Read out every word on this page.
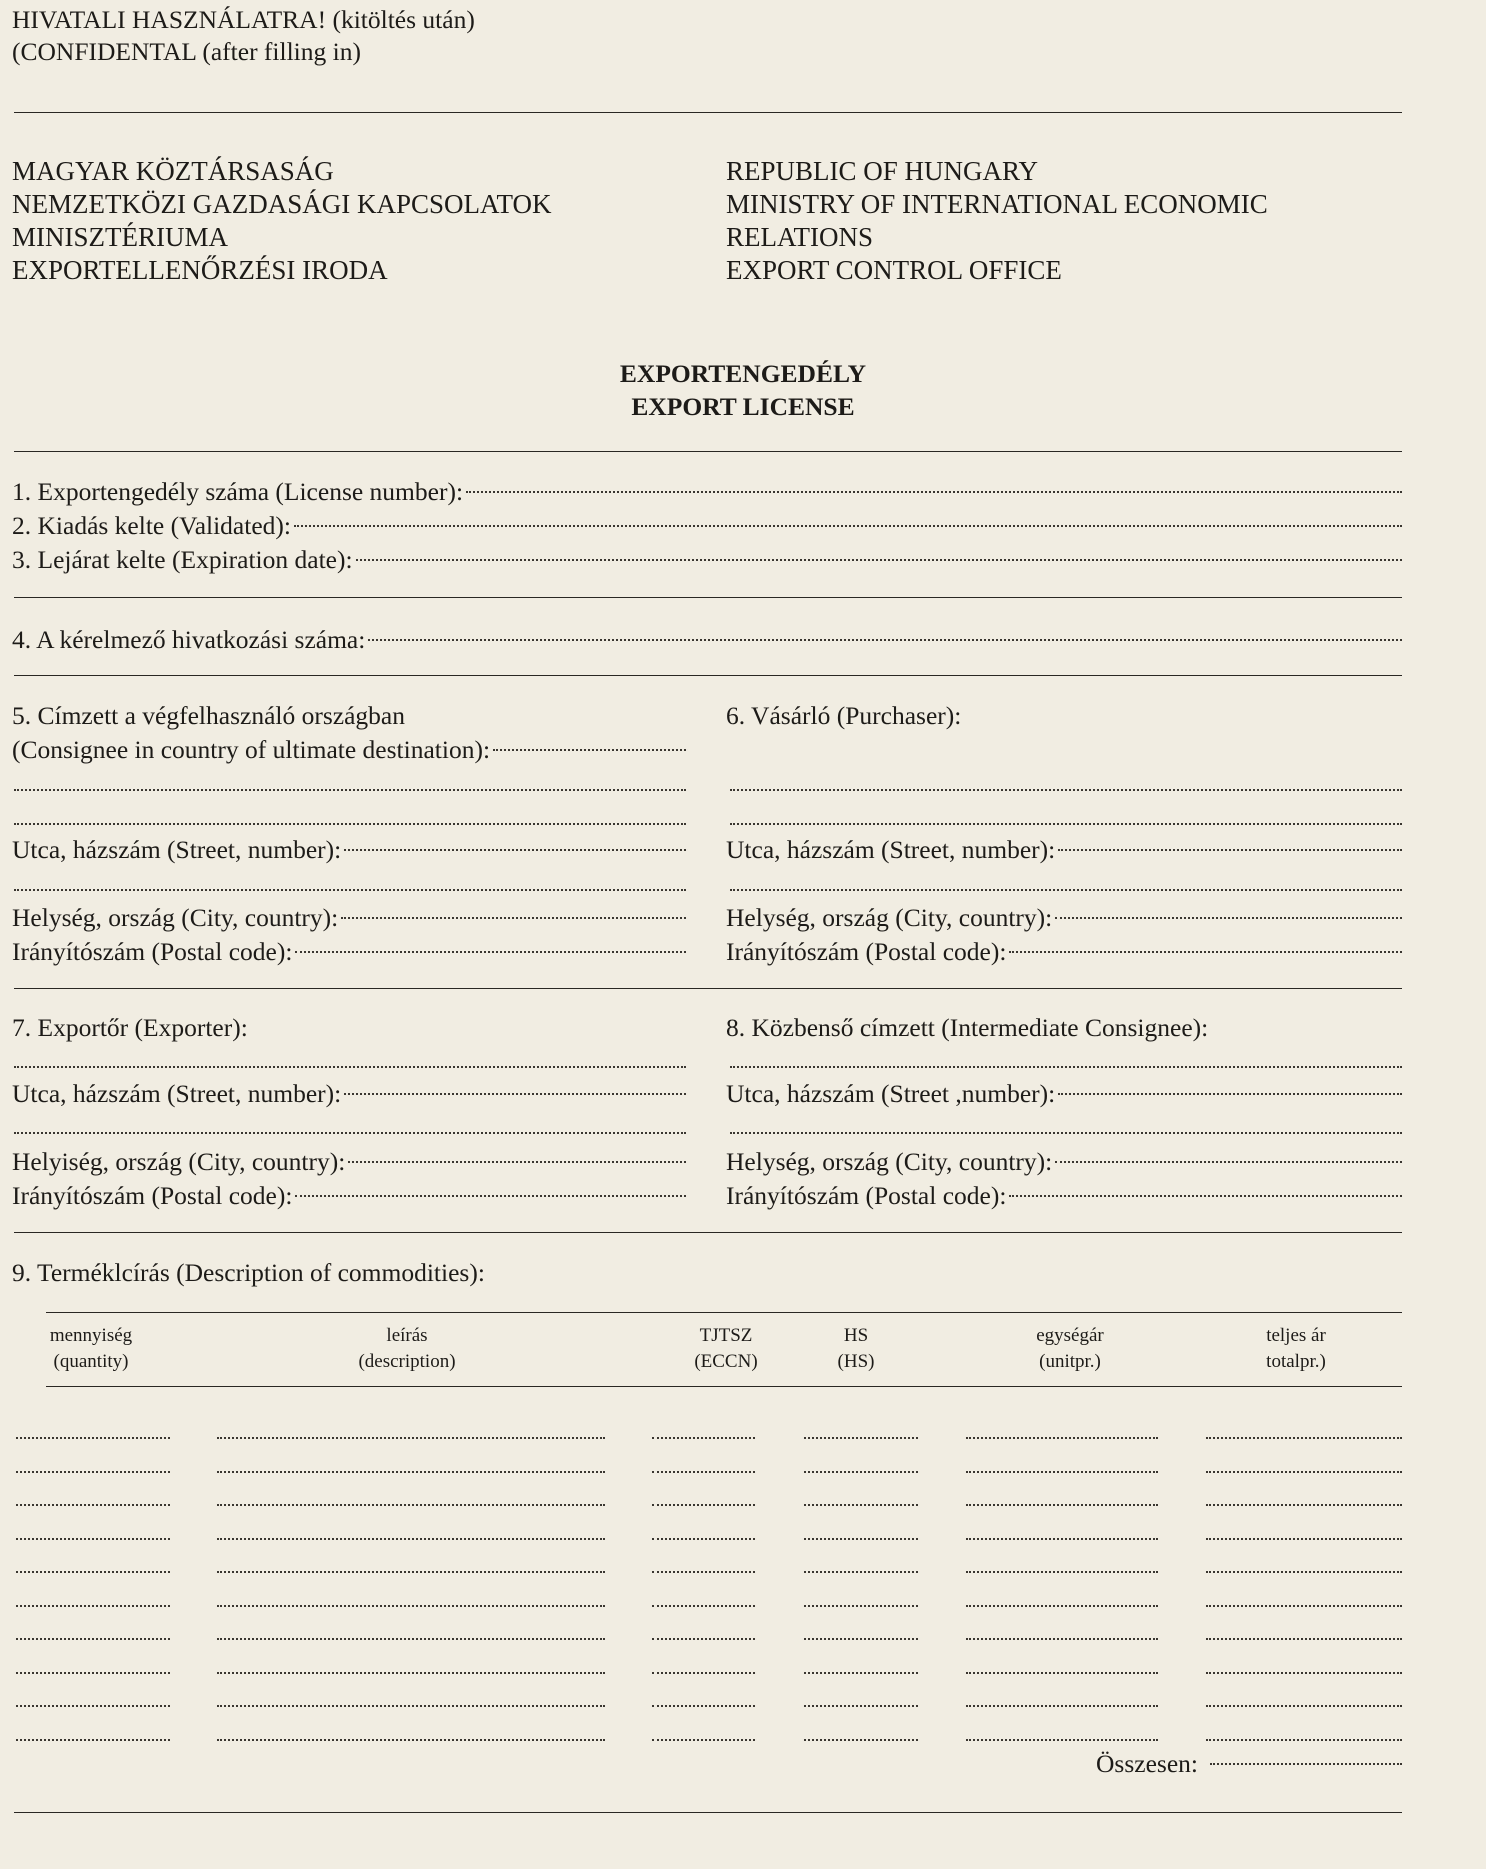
HIVATALI HASZNÁLATRA! (kitöltés után)
(CONFIDENTAL (after filling in)
MAGYAR KÖZTÁRSASÁG
NEMZETKÖZI GAZDASÁGI KAPCSOLATOK
MINISZTÉRIUMA
EXPORTELLENŐRZÉSI IRODA
REPUBLIC OF HUNGARY
MINISTRY OF INTERNATIONAL ECONOMIC
RELATIONS
EXPORT CONTROL OFFICE
EXPORTENGEDÉLY
EXPORT LICENSE
1. Exportengedély száma (License number):
2. Kiadás kelte (Validated):
3. Lejárat kelte (Expiration date):
4. A kérelmező hivatkozási száma:
5. Címzett a végfelhasználó országban
(Consignee in country of ultimate destination):
Utca, házszám (Street, number):
Helység, ország (City, country):
Irányítószám (Postal code):
6. Vásárló (Purchaser):
Utca, házszám (Street, number):
Helység, ország (City, country):
Irányítószám (Postal code):
7. Exportőr (Exporter):
Utca, házszám (Street, number):
Helyiség, ország (City, country):
Irányítószám (Postal code):
8. Közbenső címzett (Intermediate Consignee):
Utca, házszám (Street ,number):
Helység, ország (City, country):
Irányítószám (Postal code):
9. Terméklcírás (Description of commodities):
mennyiség
(quantity)
leírás
(description)
TJTSZ
(ECCN)
HS
(HS)
egységár
(unitpr.)
teljes ár
totalpr.)
Összesen:
